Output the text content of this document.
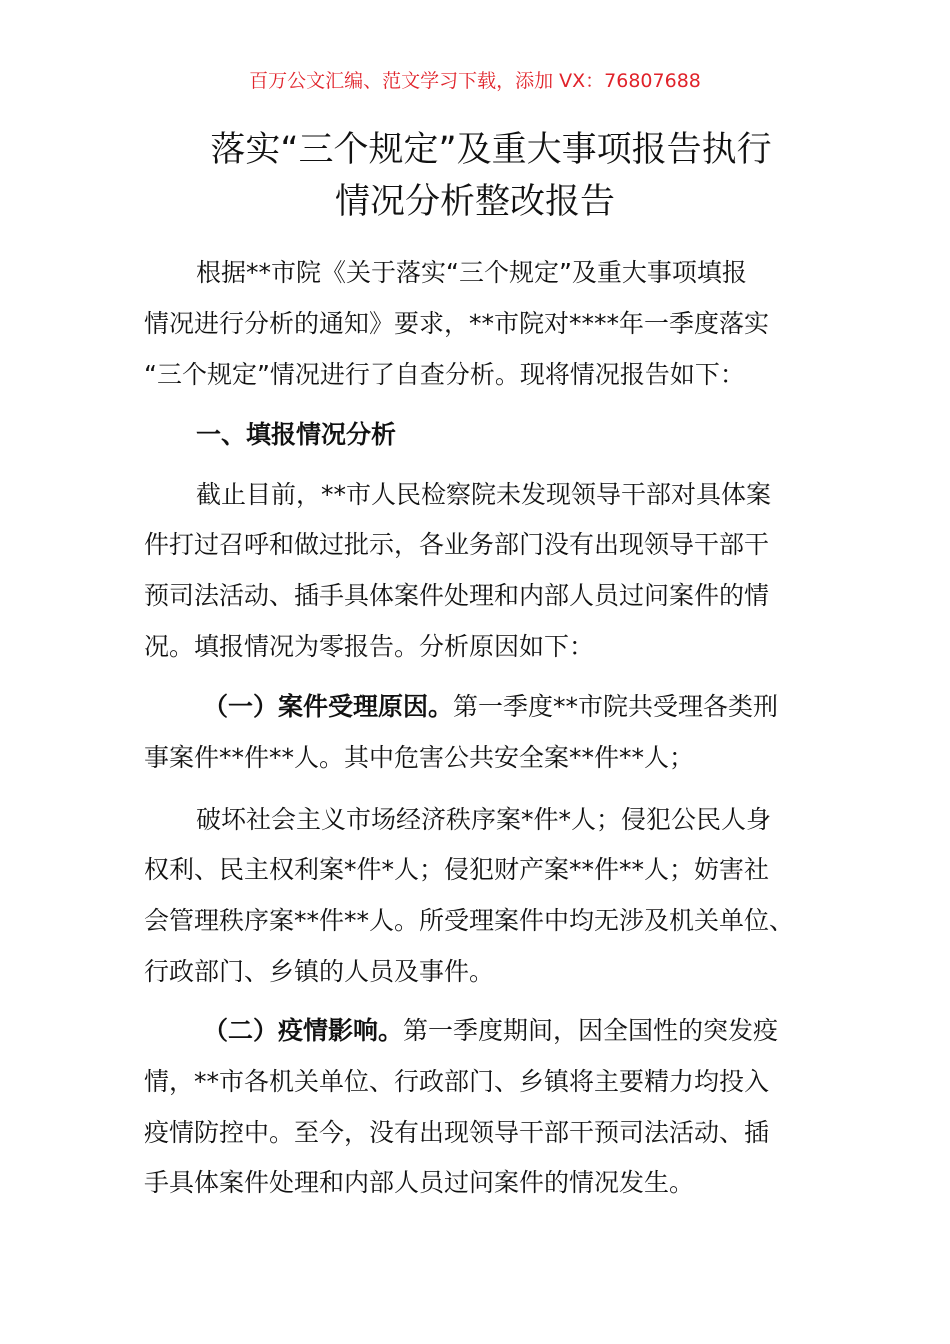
百万公文汇编、范文学习下载，添加 VX：76807688
落实“三个规定”及重大事项报告执行
情况分析整改报告
根据**市院《关于落实“三个规定”及重大事项填报
情况进行分析的通知》要求，**市院对****年一季度落实
“三个规定”情况进行了自查分析。现将情况报告如下：
一、填报情况分析
截止目前，**市人民检察院未发现领导干部对具体案
件打过召呼和做过批示，各业务部门没有出现领导干部干
预司法活动、插手具体案件处理和内部人员过问案件的情
况。填报情况为零报告。分析原因如下：
（一）案件受理原因。第一季度**市院共受理各类刑
事案件**件**人。其中危害公共安全案**件**人；
破坏社会主义市场经济秩序案*件*人；侵犯公民人身
权利、民主权利案*件*人；侵犯财产案**件**人；妨害社
会管理秩序案**件**人。所受理案件中均无涉及机关单位、
行政部门、乡镇的人员及事件。
（二）疫情影响。第一季度期间，因全国性的突发疫
情，**市各机关单位、行政部门、乡镇将主要精力均投入
疫情防控中。至今，没有出现领导干部干预司法活动、插
手具体案件处理和内部人员过问案件的情况发生。
